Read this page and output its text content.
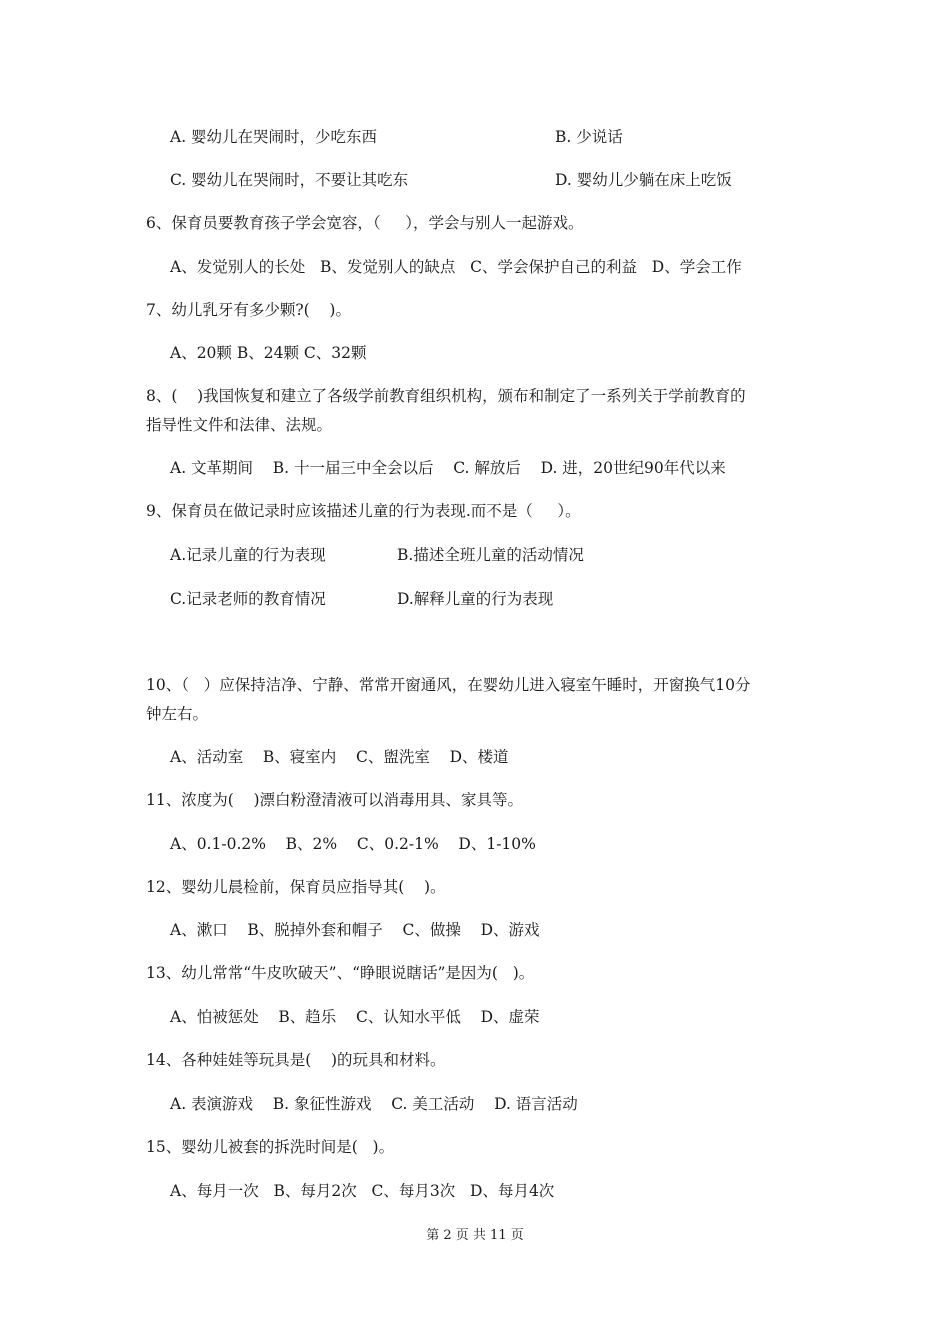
A. 婴幼儿在哭闹时，少吃东西	B. 少说话
C. 婴幼儿在哭闹时，不要让其吃东	D. 婴幼儿少躺在床上吃饭
6、保育员要教育孩子学会宽容，（     ），学会与别人一起游戏。
A、发觉别人的长处   B、发觉别人的缺点   C、学会保护自己的利益   D、学会工作
7、幼儿乳牙有多少颗?(    )。
A、20颗 B、24颗 C、32颗
8、(    )我国恢复和建立了各级学前教育组织机构，颁布和制定了一系列关于学前教育的
指导性文件和法律、法规。
A. 文革期间    B. 十一届三中全会以后    C. 解放后    D. 进，20世纪90年代以来
9、保育员在做记录时应该描述儿童的行为表现.而不是（     ）。
A.记录儿童的行为表现	B.描述全班儿童的活动情况
C.记录老师的教育情况	D.解释儿童的行为表现
10、（   ）应保持洁净、宁静、常常开窗通风，在婴幼儿进入寝室午睡时，开窗换气10分
钟左右。
A、活动室    B、寝室内    C、盥洗室    D、楼道
11、浓度为(    )漂白粉澄清液可以消毒用具、家具等。
A、0.1-0.2%    B、2%    C、0.2-1%    D、1-10%
12、婴幼儿晨检前，保育员应指导其(    )。
A、漱口    B、脱掉外套和帽子    C、做操    D、游戏
13、幼儿常常“牛皮吹破天”、“睁眼说瞎话”是因为(   )。
A、怕被惩处    B、趋乐    C、认知水平低    D、虚荣
14、各种娃娃等玩具是(    )的玩具和材料。
A. 表演游戏    B. 象征性游戏    C. 美工活动    D. 语言活动
15、婴幼儿被套的拆洗时间是(   )。
A、每月一次   B、每月2次   C、每月3次   D、每月4次
第 2 页 共 11 页
